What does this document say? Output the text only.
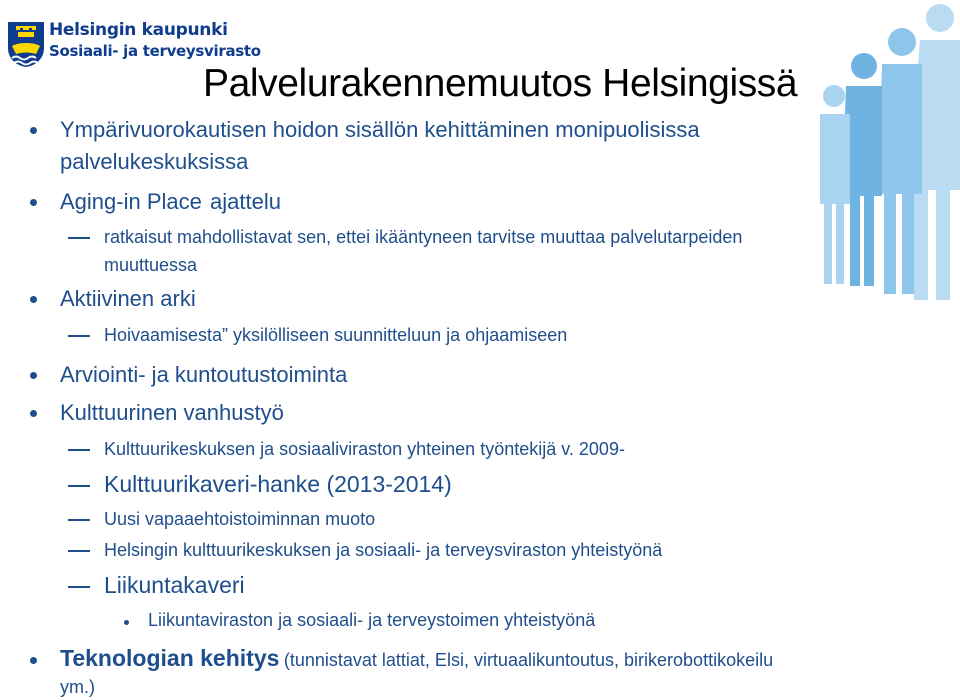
Helsingin kaupunki
Sosiaali- ja terveysvirasto
Palvelurakennemuutos Helsingissä
Ympärivuorokautisen hoidon sisällön kehittäminen monipuolisissa
palvelukeskuksissa
Aging-in Place ajattelu
ratkaisut mahdollistavat sen, ettei ikääntyneen tarvitse muuttaa palvelutarpeiden
muuttuessa
Aktiivinen arki
Hoivaamisesta” yksilölliseen suunnitteluun ja ohjaamiseen
Arviointi- ja kuntoutustoiminta
Kulttuurinen vanhustyö
Kulttuurikeskuksen ja sosiaaliviraston yhteinen työntekijä v. 2009-
Kulttuurikaveri-hanke (2013-2014)
Uusi vapaaehtoistoiminnan muoto
Helsingin kulttuurikeskuksen ja sosiaali- ja terveysviraston yhteistyönä
Liikuntakaveri
Liikuntaviraston ja sosiaali- ja terveystoimen yhteistyönä
Teknologian kehitys (tunnistavat lattiat, Elsi, virtuaalikuntoutus, birikerobottikokeilu
ym.)
